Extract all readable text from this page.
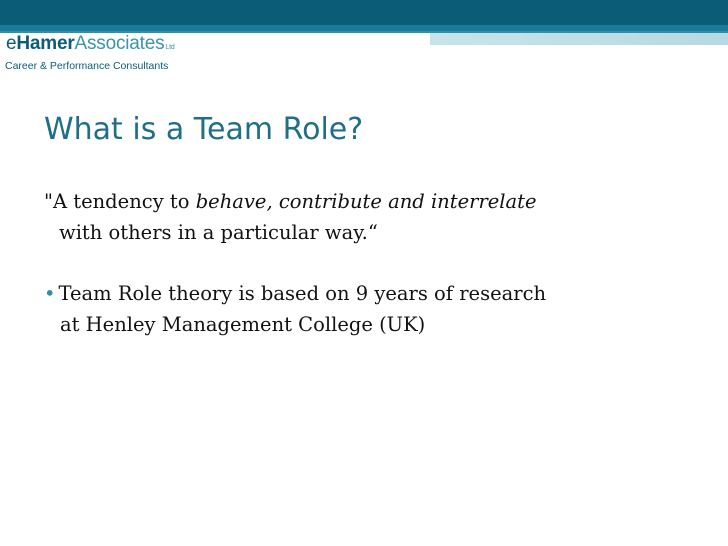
eHamerAssociatesLtd
Career & Performance Consultants
What is a Team Role?

"A tendency to behave, contribute and interrelate
with others in a particular way.“

• Team Role theory is based on 9 years of research
at Henley Management College (UK)
